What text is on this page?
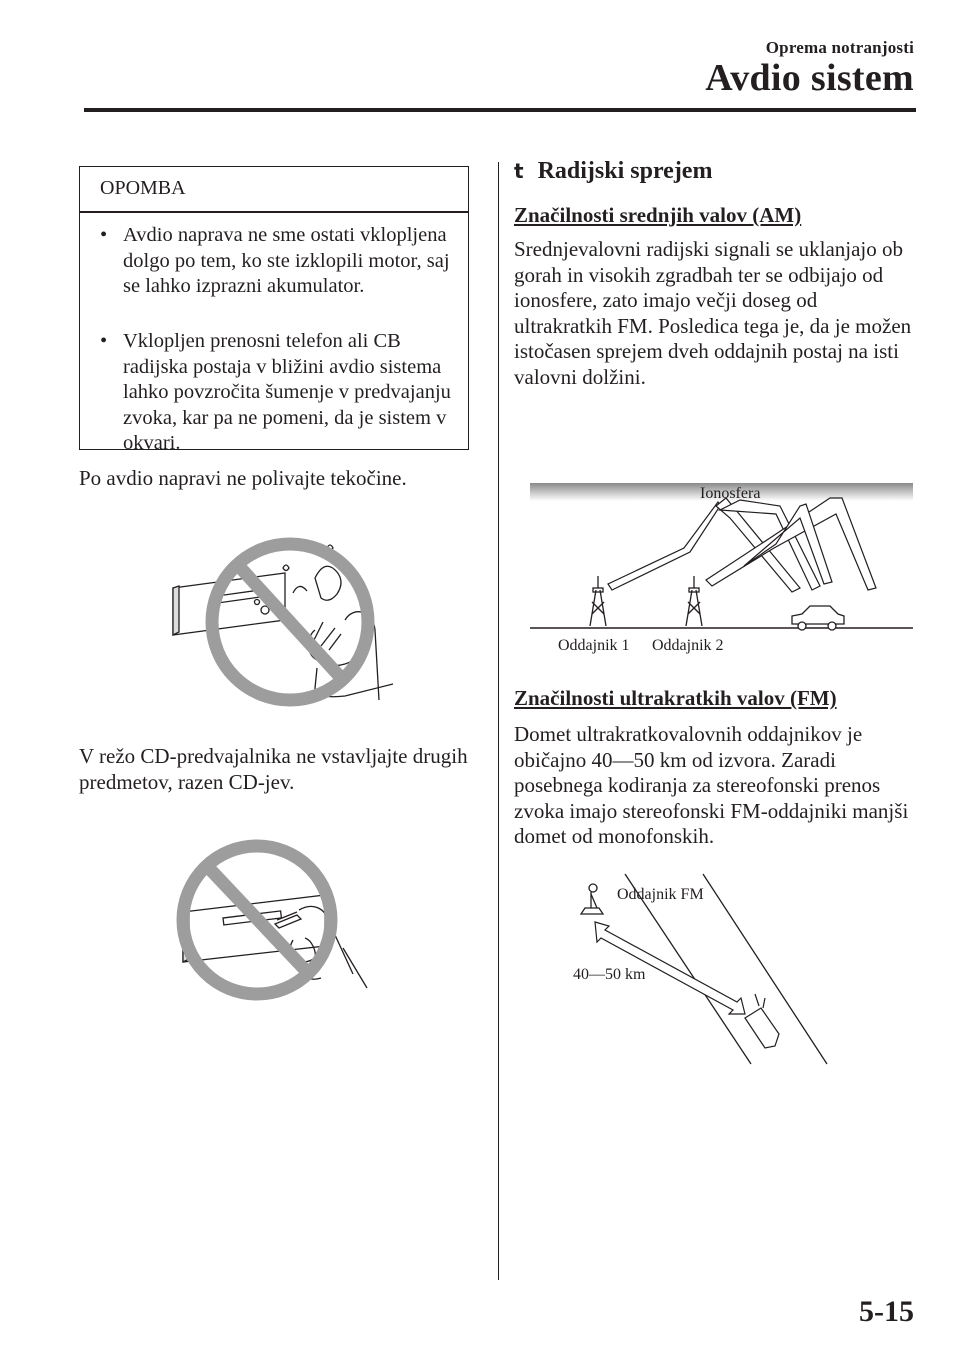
Oprema notranjosti
Avdio sistem
OPOMBA
• Avdio naprava ne sme ostati vklopljena dolgo po tem, ko ste izklopili motor, saj se lahko izprazni akumulator.
• Vklopljen prenosni telefon ali CB radijska postaja v bližini avdio sistema lahko povzročita šumenje v predvajanju zvoka, kar pa ne pomeni, da je sistem v okvari.
Po avdio napravi ne polivajte tekočine.
V režo CD-predvajalnika ne vstavljajte drugih predmetov, razen CD-jev.
t Radijski sprejem
Značilnosti srednjih valov (AM)
Srednjevalovni radijski signali se uklanjajo ob gorah in visokih zgradbah ter se odbijajo od ionosfere, zato imajo večji doseg od ultrakratkih FM. Posledica tega je, da je možen istočasen sprejem dveh oddajnih postaj na isti valovni dolžini.
Ionosfera
Oddajnik 1 Oddajnik 2
Značilnosti ultrakratkih valov (FM)
Domet ultrakratkovalovnih oddajnikov je običajno 40―50 km od izvora. Zaradi posebnega kodiranja za stereofonski prenos zvoka imajo stereofonski FM-oddajniki manjši domet od monofonskih.
Oddajnik FM
40—50 km
5-15
